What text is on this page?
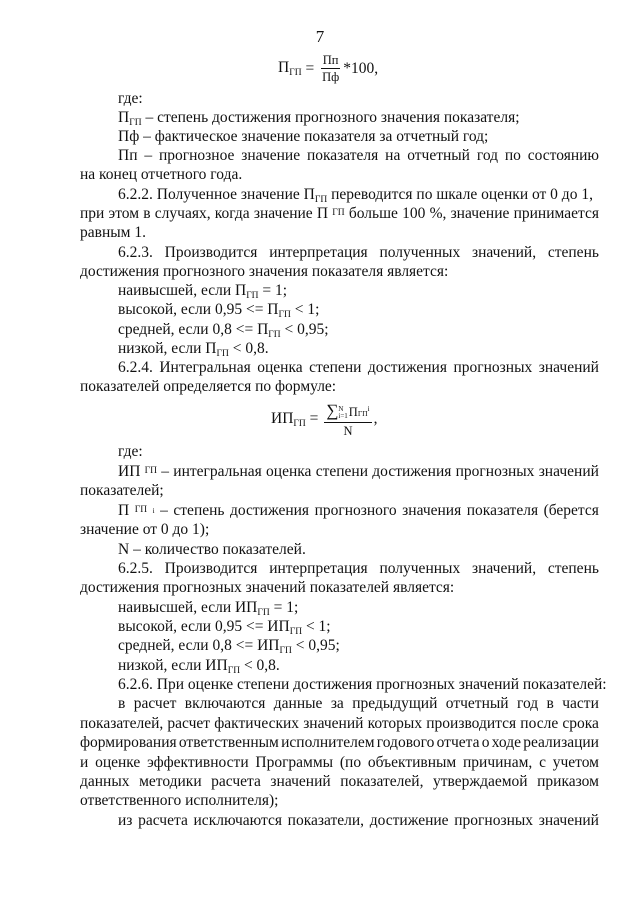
7
$П_{ГП} = \frac{Пп}{Пф} *100$,
$ИП_{ГП}$ = ∑ N
i=1 ПГП$^i$
N ,
где:
$П_{ГП}$ – степень достижения прогнозного значения показателя;
Пф – фактическое значение показателя за отчетный год;
Пп – прогнозное значение показателя на отчетный год по состоянию
на конец отчетного года.
6.2.2. Полученное значение $П_{ГП}$ переводится по шкале оценки от 0 до 1,
при этом в случаях, когда значение П ГП больше 100 %, значение принимается
равным 1.
6.2.3. Производится интерпретация полученных значений, степень
достижения прогнозного значения показателя является:
наивысшей, если $П_{ГП} = 1$;
высокой, если $0,95 <= П_{ГП} < 1$;
средней, если $0,8 <= П_{ГП} < 0,95$;
низкой, если $П_{ГП} < 0,8$.
6.2.4. Интегральная оценка степени достижения прогнозных значений
показателей определяется по формуле:
где:
ИП ГП – интегральная оценка степени достижения прогнозных значений
показателей;
П ГП i – степень достижения прогнозного значения показателя (берется
значение от 0 до 1);
N – количество показателей.
6.2.5. Производится интерпретация полученных значений, степень
достижения прогнозных значений показателей является:
наивысшей, если $ИП_{ГП} = 1$;
высокой, если $0,95 <= ИП_{ГП} < 1$;
средней, если $0,8 <= ИП_{ГП} < 0,95$;
низкой, если $ИП_{ГП} < 0,8$.
6.2.6. При оценке степени достижения прогнозных значений показателей:
в расчет включаются данные за предыдущий отчетный год в части
показателей, расчет фактических значений которых производится после срока
формирования ответственным исполнителем годового отчета о ходе реализации
и оценке эффективности Программы (по объективным причинам, с учетом
данных методики расчета значений показателей, утверждаемой приказом
ответственного исполнителя);
из расчета исключаются показатели, достижение прогнозных значений
